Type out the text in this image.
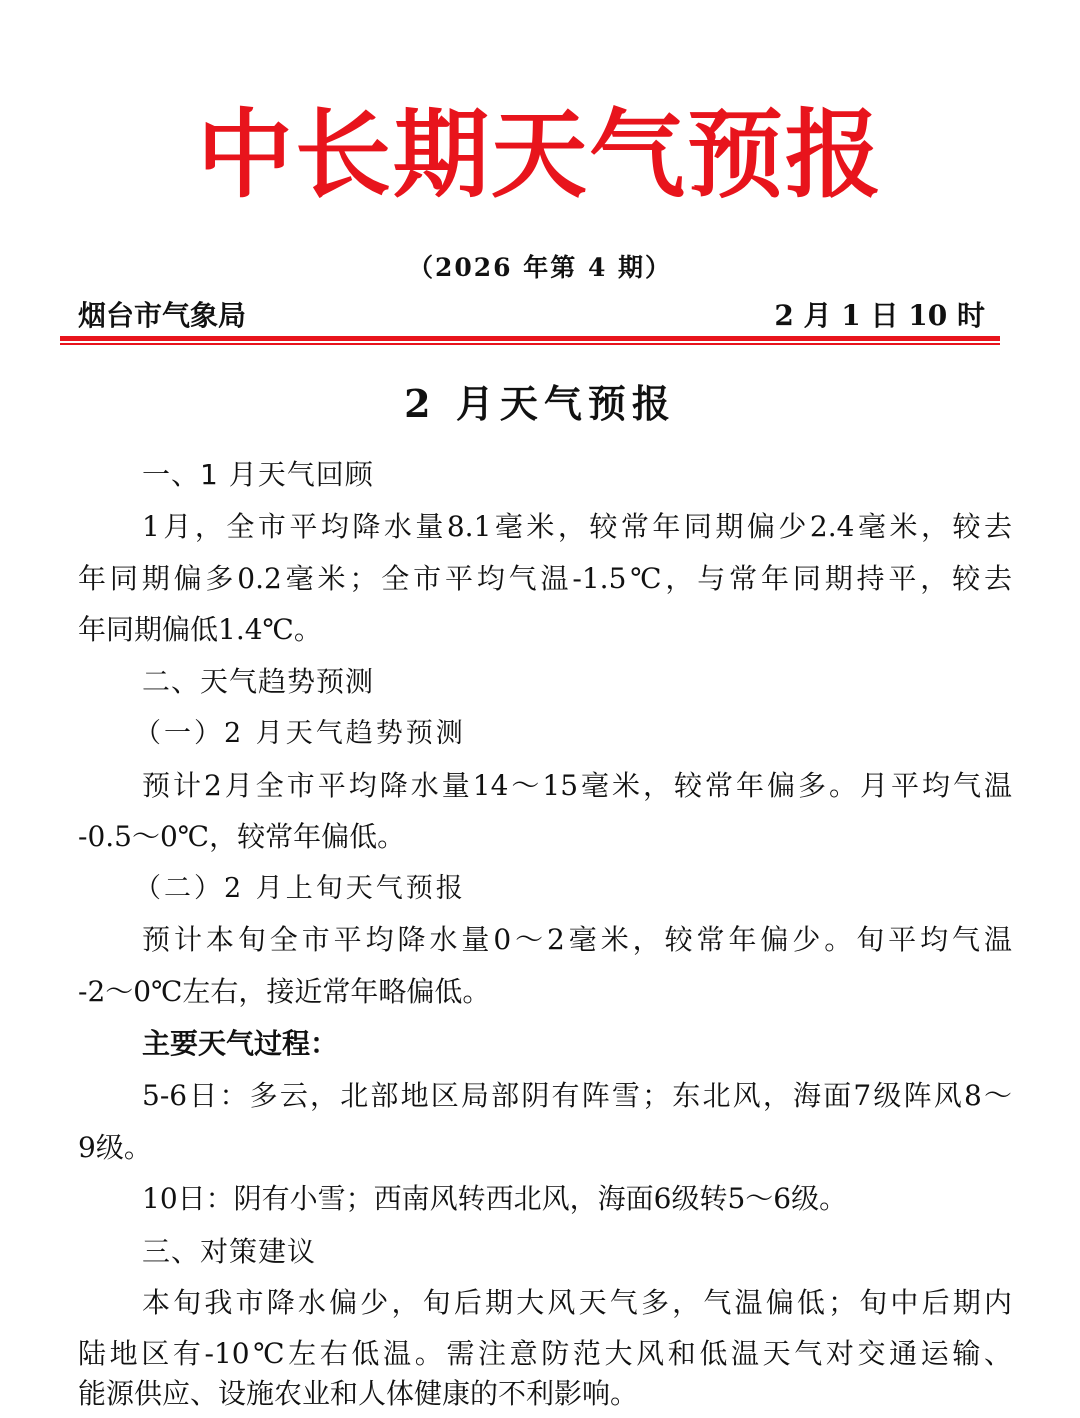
中长期天气预报
（2026 年第 4 期）
烟台市气象局	2 月 1 日 10 时
2 月天气预报
一、1 月天气回顾
1月，全市平均降水量8.1毫米，较常年同期偏少2.4毫米，较去
年同期偏多0.2毫米；全市平均气温-1.5℃，与常年同期持平，较去
年同期偏低1.4℃。
二、天气趋势预测
（一）2 月天气趋势预测
预计2月全市平均降水量14～15毫米，较常年偏多。月平均气温
-0.5～0℃，较常年偏低。
（二）2 月上旬天气预报
预计本旬全市平均降水量0～2毫米，较常年偏少。旬平均气温
-2～0℃左右，接近常年略偏低。
主要天气过程：
5-6日：多云，北部地区局部阴有阵雪；东北风，海面7级阵风8～
9级。
10日：阴有小雪；西南风转西北风，海面6级转5～6级。
三、对策建议
本旬我市降水偏少，旬后期大风天气多，气温偏低；旬中后期内
陆地区有-10℃左右低温。需注意防范大风和低温天气对交通运输、
能源供应、设施农业和人体健康的不利影响。
